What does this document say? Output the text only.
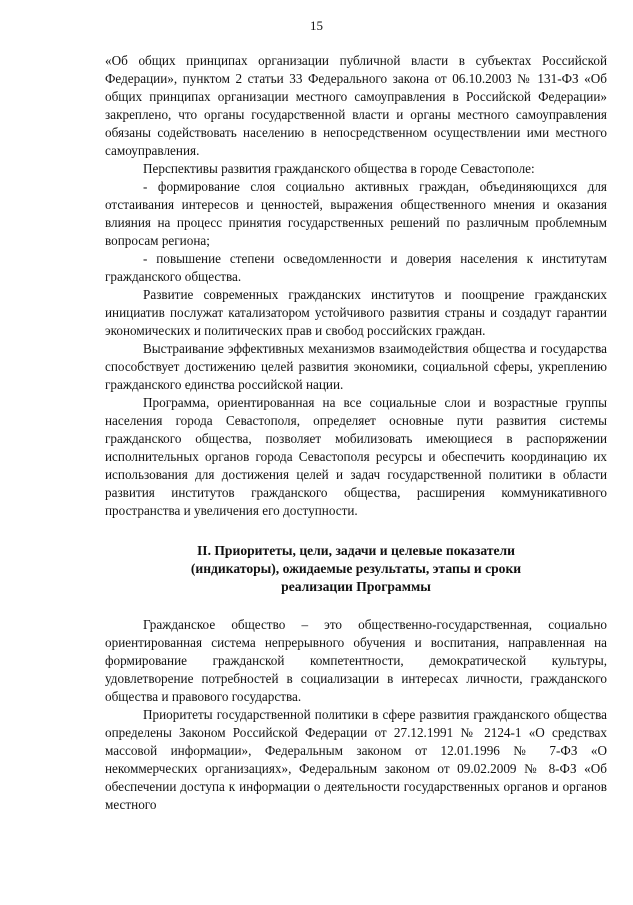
15

«Об общих принципах организации публичной власти в субъектах Российской Федерации», пунктом 2 статьи 33 Федерального закона от 06.10.2003 № 131-ФЗ «Об общих принципах организации местного самоуправления в Российской Федерации» закреплено, что органы государственной власти и органы местного самоуправления обязаны содействовать населению в непосредственном осуществлении ими местного самоуправления.

Перспективы развития гражданского общества в городе Севастополе:

- формирование слоя социально активных граждан, объединяющихся для отстаивания интересов и ценностей, выражения общественного мнения и оказания влияния на процесс принятия государственных решений по различным проблемным вопросам региона;

- повышение степени осведомленности и доверия населения к институтам гражданского общества.

Развитие современных гражданских институтов и поощрение гражданских инициатив послужат катализатором устойчивого развития страны и создадут гарантии экономических и политических прав и свобод российских граждан.

Выстраивание эффективных механизмов взаимодействия общества и государства способствует достижению целей развития экономики, социальной сферы, укреплению гражданского единства российской нации.

Программа, ориентированная на все социальные слои и возрастные группы населения города Севастополя, определяет основные пути развития системы гражданского общества, позволяет мобилизовать имеющиеся в распоряжении исполнительных органов города Севастополя ресурсы и обеспечить координацию их использования для достижения целей и задач государственной политики в области развития институтов гражданского общества, расширения коммуникативного пространства и увеличения его доступности.

II. Приоритеты, цели, задачи и целевые показатели
(индикаторы), ожидаемые результаты, этапы и сроки
реализации Программы

Гражданское общество – это общественно-государственная, социально ориентированная система непрерывного обучения и воспитания, направленная на формирование гражданской компетентности, демократической культуры, удовлетворение потребностей в социализации в интересах личности, гражданского общества и правового государства.

Приоритеты государственной политики в сфере развития гражданского общества определены Законом Российской Федерации от 27.12.1991 № 2124-1 «О средствах массовой информации», Федеральным законом от 12.01.1996 № 7-ФЗ «О некоммерческих организациях», Федеральным законом от 09.02.2009 № 8-ФЗ «Об обеспечении доступа к информации о деятельности государственных органов и органов местного
